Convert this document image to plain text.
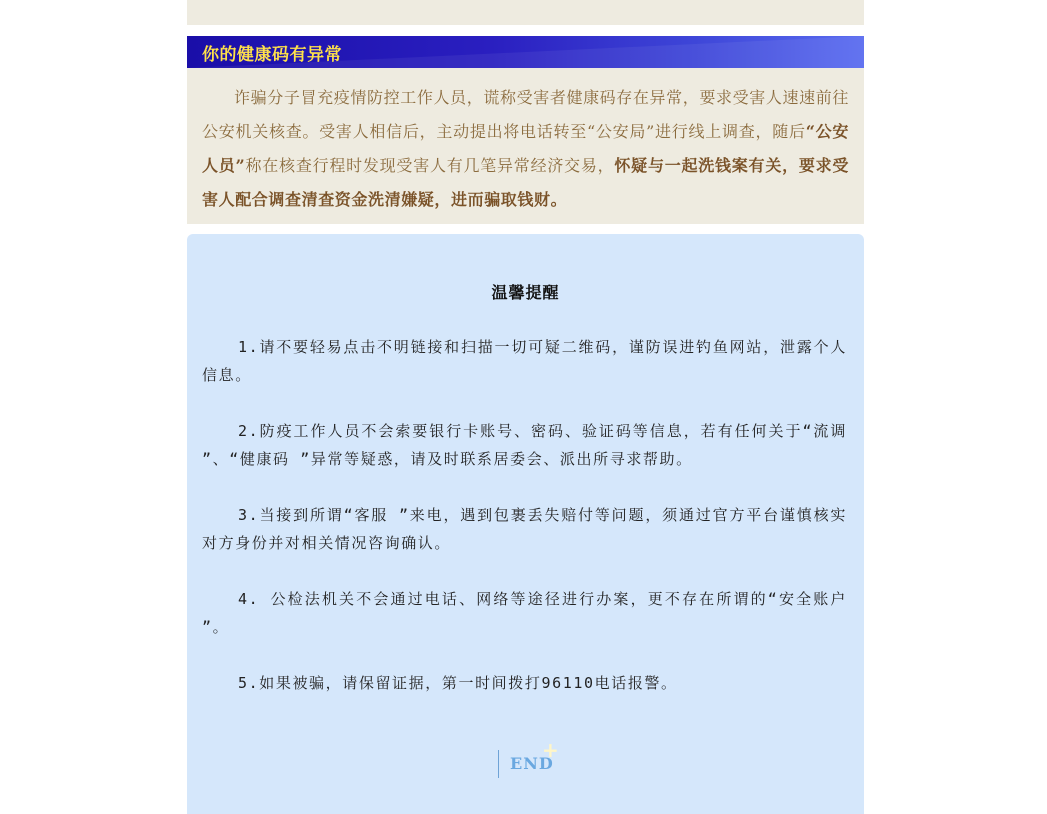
你的健康码有异常

诈骗分子冒充疫情防控工作人员，谎称受害者健康码存在异常，要求受害人速速前往公安机关核查。受害人相信后，主动提出将电话转至“公安局”进行线上调查，随后“公安人员”称在核查行程时发现受害人有几笔异常经济交易，怀疑与一起洗钱案有关，要求受害人配合调查清查资金洗清嫌疑，进而骗取钱财。

温馨提醒

1.请不要轻易点击不明链接和扫描一切可疑二维码，谨防误进钓鱼网站，泄露个人信息。

2.防疫工作人员不会索要银行卡账号、密码、验证码等信息，若有任何关于“流调 ”、“健康码 ”异常等疑惑，请及时联系居委会、派出所寻求帮助。

3.当接到所谓“客服 ”来电，遇到包裹丢失赔付等问题，须通过官方平台谨慎核实对方身份并对相关情况咨询确认。

4. 公检法机关不会通过电话、网络等途径进行办案，更不存在所谓的“安全账户 ”。

5.如果被骗，请保留证据，第一时间拨打96110电话报警。

END
+
